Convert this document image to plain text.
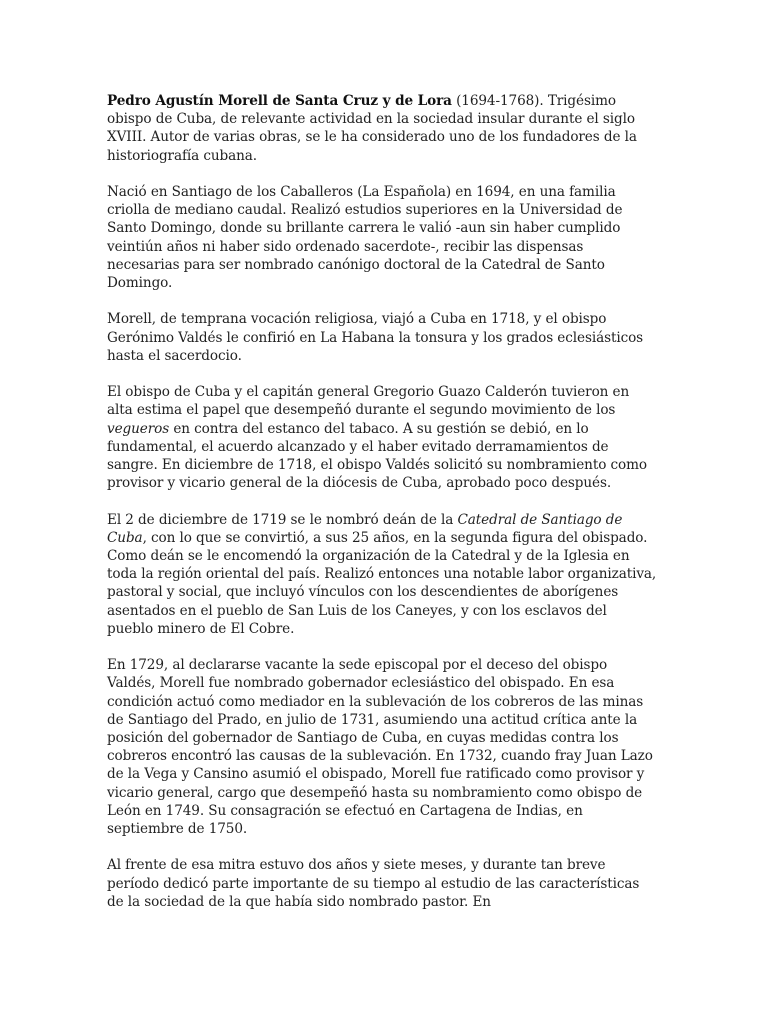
Pedro Agustín Morell de Santa Cruz y de Lora (1694-1768). Trigésimo obispo de Cuba, de relevante actividad en la sociedad insular durante el siglo XVIII. Autor de varias obras, se le ha considerado uno de los fundadores de la historiografía cubana.

Nació en Santiago de los Caballeros (La Española) en 1694, en una familia criolla de mediano caudal. Realizó estudios superiores en la Universidad de Santo Domingo, donde su brillante carrera le valió -aun sin haber cumplido veintiún años ni haber sido ordenado sacerdote-, recibir las dispensas necesarias para ser nombrado canónigo doctoral de la Catedral de Santo Domingo.

Morell, de temprana vocación religiosa, viajó a Cuba en 1718, y el obispo Gerónimo Valdés le confirió en La Habana la tonsura y los grados eclesiásticos hasta el sacerdocio.

El obispo de Cuba y el capitán general Gregorio Guazo Calderón tuvieron en alta estima el papel que desempeñó durante el segundo movimiento de los vegueros en contra del estanco del tabaco. A su gestión se debió, en lo fundamental, el acuerdo alcanzado y el haber evitado derramamientos de sangre. En diciembre de 1718, el obispo Valdés solicitó su nombramiento como provisor y vicario general de la diócesis de Cuba, aprobado poco después.

El 2 de diciembre de 1719 se le nombró deán de la Catedral de Santiago de Cuba, con lo que se convirtió, a sus 25 años, en la segunda figura del obispado. Como deán se le encomendó la organización de la Catedral y de la Iglesia en toda la región oriental del país. Realizó entonces una notable labor organizativa, pastoral y social, que incluyó vínculos con los descendientes de aborígenes asentados en el pueblo de San Luis de los Caneyes, y con los esclavos del pueblo minero de El Cobre.

En 1729, al declararse vacante la sede episcopal por el deceso del obispo Valdés, Morell fue nombrado gobernador eclesiástico del obispado. En esa condición actuó como mediador en la sublevación de los cobreros de las minas de Santiago del Prado, en julio de 1731, asumiendo una actitud crítica ante la posición del gobernador de Santiago de Cuba, en cuyas medidas contra los cobreros encontró las causas de la sublevación. En 1732, cuando fray Juan Lazo de la Vega y Cansino asumió el obispado, Morell fue ratificado como provisor y vicario general, cargo que desempeñó hasta su nombramiento como obispo de León en 1749. Su consagración se efectuó en Cartagena de Indias, en septiembre de 1750.

Al frente de esa mitra estuvo dos años y siete meses, y durante tan breve período dedicó parte importante de su tiempo al estudio de las características de la sociedad de la que había sido nombrado pastor. En
